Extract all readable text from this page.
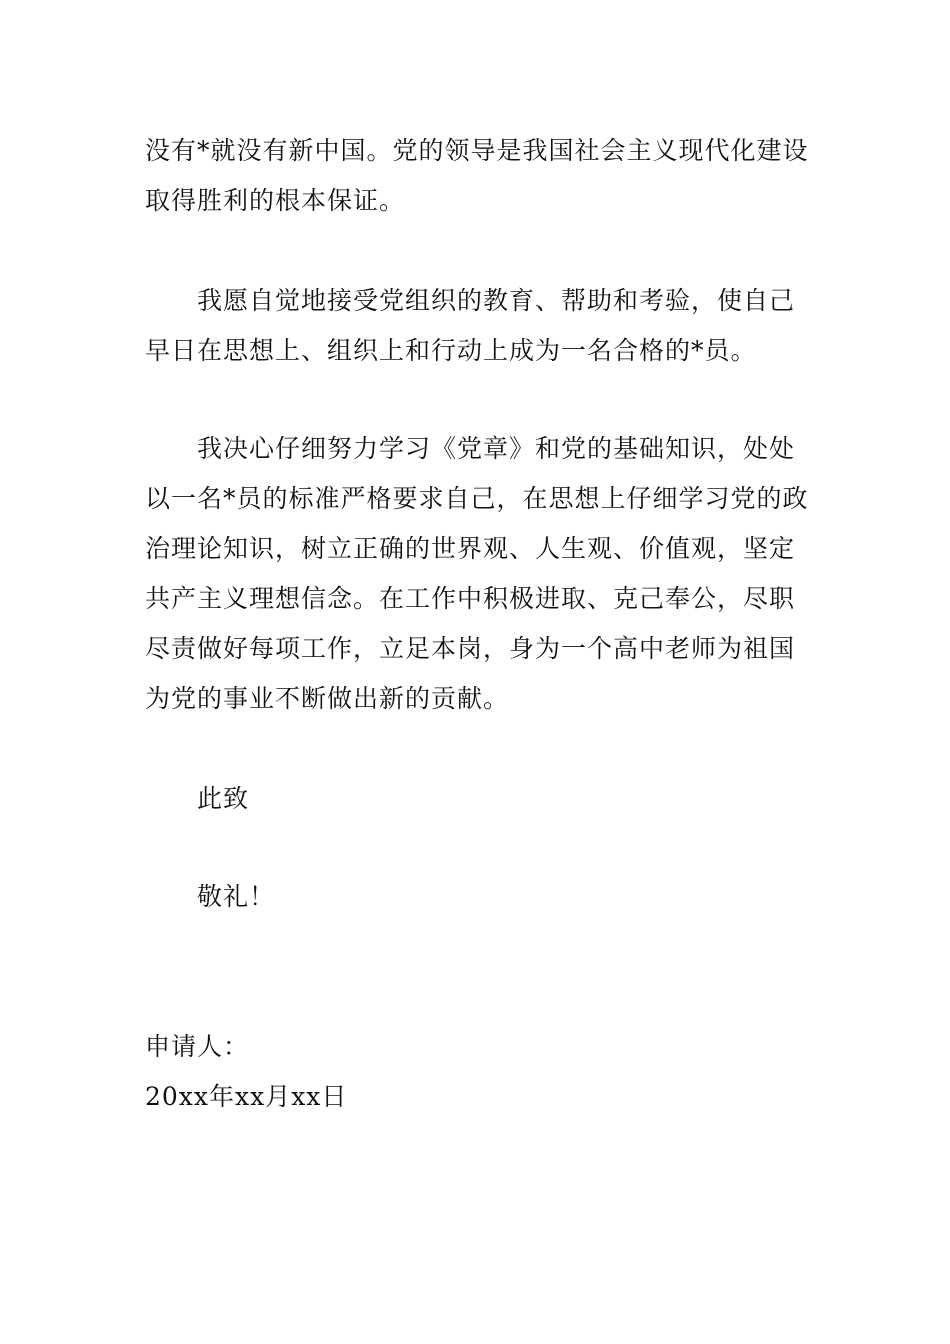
没有*就没有新中国。党的领导是我国社会主义现代化建设
取得胜利的根本保证。
我愿自觉地接受党组织的教育、帮助和考验，使自己
早日在思想上、组织上和行动上成为一名合格的*员。
我决心仔细努力学习《党章》和党的基础知识，处处
以一名*员的标准严格要求自己，在思想上仔细学习党的政
治理论知识，树立正确的世界观、人生观、价值观，坚定
共产主义理想信念。在工作中积极进取、克己奉公，尽职
尽责做好每项工作，立足本岗，身为一个高中老师为祖国
为党的事业不断做出新的贡献。
此致
敬礼！
申请人：
20xx年xx月xx日
